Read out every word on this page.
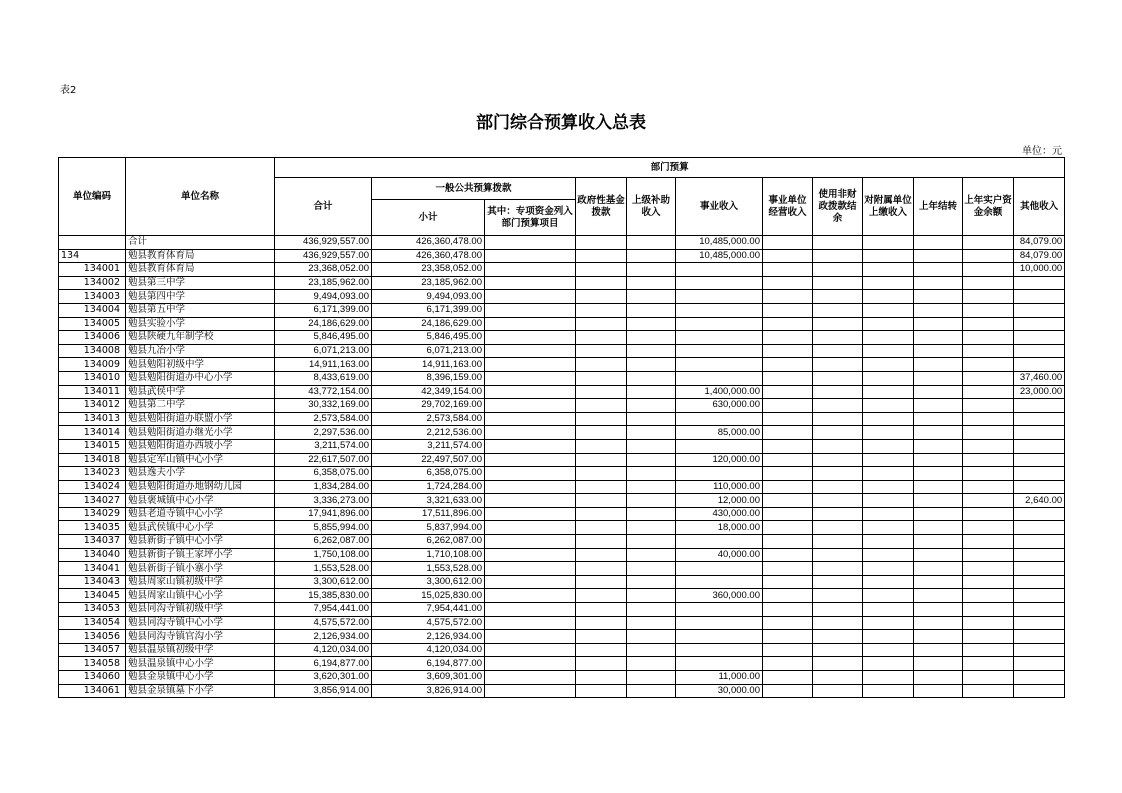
表2
部门综合预算收入总表
单位：元
单位编码	单位名称	部门预算											
		合计	一般公共预算拨款		政府性基金拨款	上级补助收入	事业收入	事业单位经营收入	使用非财政拨款结余	对附属单位上缴收入	上年结转	上年实户资金余额	其他收入
			小计	其中：专项资金列入部门预算项目									
	合计	436,929,557.00	426,360,478.00				10,485,000.00						84,079.00
134	勉县教育体育局	436,929,557.00	426,360,478.00				10,485,000.00						84,079.00
134001	勉县教育体育局	23,368,052.00	23,358,052.00										10,000.00
134002	勉县第三中学	23,185,962.00	23,185,962.00										
134003	勉县第四中学	9,494,093.00	9,494,093.00										
134004	勉县第五中学	6,171,399.00	6,171,399.00										
134005	勉县实验小学	24,186,629.00	24,186,629.00										
134006	勉县陕硬九年制学校	5,846,495.00	5,846,495.00										
134008	勉县九冶小学	6,071,213.00	6,071,213.00										
134009	勉县勉阳初级中学	14,911,163.00	14,911,163.00										
134010	勉县勉阳街道办中心小学	8,433,619.00	8,396,159.00										37,460.00
134011	勉县武侯中学	43,772,154.00	42,349,154.00				1,400,000.00						23,000.00
134012	勉县第二中学	30,332,169.00	29,702,169.00				630,000.00						
134013	勉县勉阳街道办联盟小学	2,573,584.00	2,573,584.00										
134014	勉县勉阳街道办继光小学	2,297,536.00	2,212,536.00				85,000.00						
134015	勉县勉阳街道办西坡小学	3,211,574.00	3,211,574.00										
134018	勉县定军山镇中心小学	22,617,507.00	22,497,507.00				120,000.00						
134023	勉县逸夫小学	6,358,075.00	6,358,075.00										
134024	勉县勉阳街道办地钢幼儿园	1,834,284.00	1,724,284.00				110,000.00						
134027	勉县褒城镇中心小学	3,336,273.00	3,321,633.00				12,000.00						2,640.00
134029	勉县老道寺镇中心小学	17,941,896.00	17,511,896.00				430,000.00						
134035	勉县武侯镇中心小学	5,855,994.00	5,837,994.00				18,000.00						
134037	勉县新街子镇中心小学	6,262,087.00	6,262,087.00										
134040	勉县新街子镇王家坪小学	1,750,108.00	1,710,108.00				40,000.00						
134041	勉县新街子镇小寨小学	1,553,528.00	1,553,528.00										
134043	勉县周家山镇初级中学	3,300,612.00	3,300,612.00										
134045	勉县周家山镇中心小学	15,385,830.00	15,025,830.00				360,000.00						
134053	勉县同沟寺镇初级中学	7,954,441.00	7,954,441.00										
134054	勉县同沟寺镇中心小学	4,575,572.00	4,575,572.00										
134056	勉县同沟寺镇官沟小学	2,126,934.00	2,126,934.00										
134057	勉县温泉镇初级中学	4,120,034.00	4,120,034.00										
134058	勉县温泉镇中心小学	6,194,877.00	6,194,877.00										
134060	勉县金泉镇中心小学	3,620,301.00	3,609,301.00				11,000.00						
134061	勉县金泉镇墓下小学	3,856,914.00	3,826,914.00				30,000.00						
